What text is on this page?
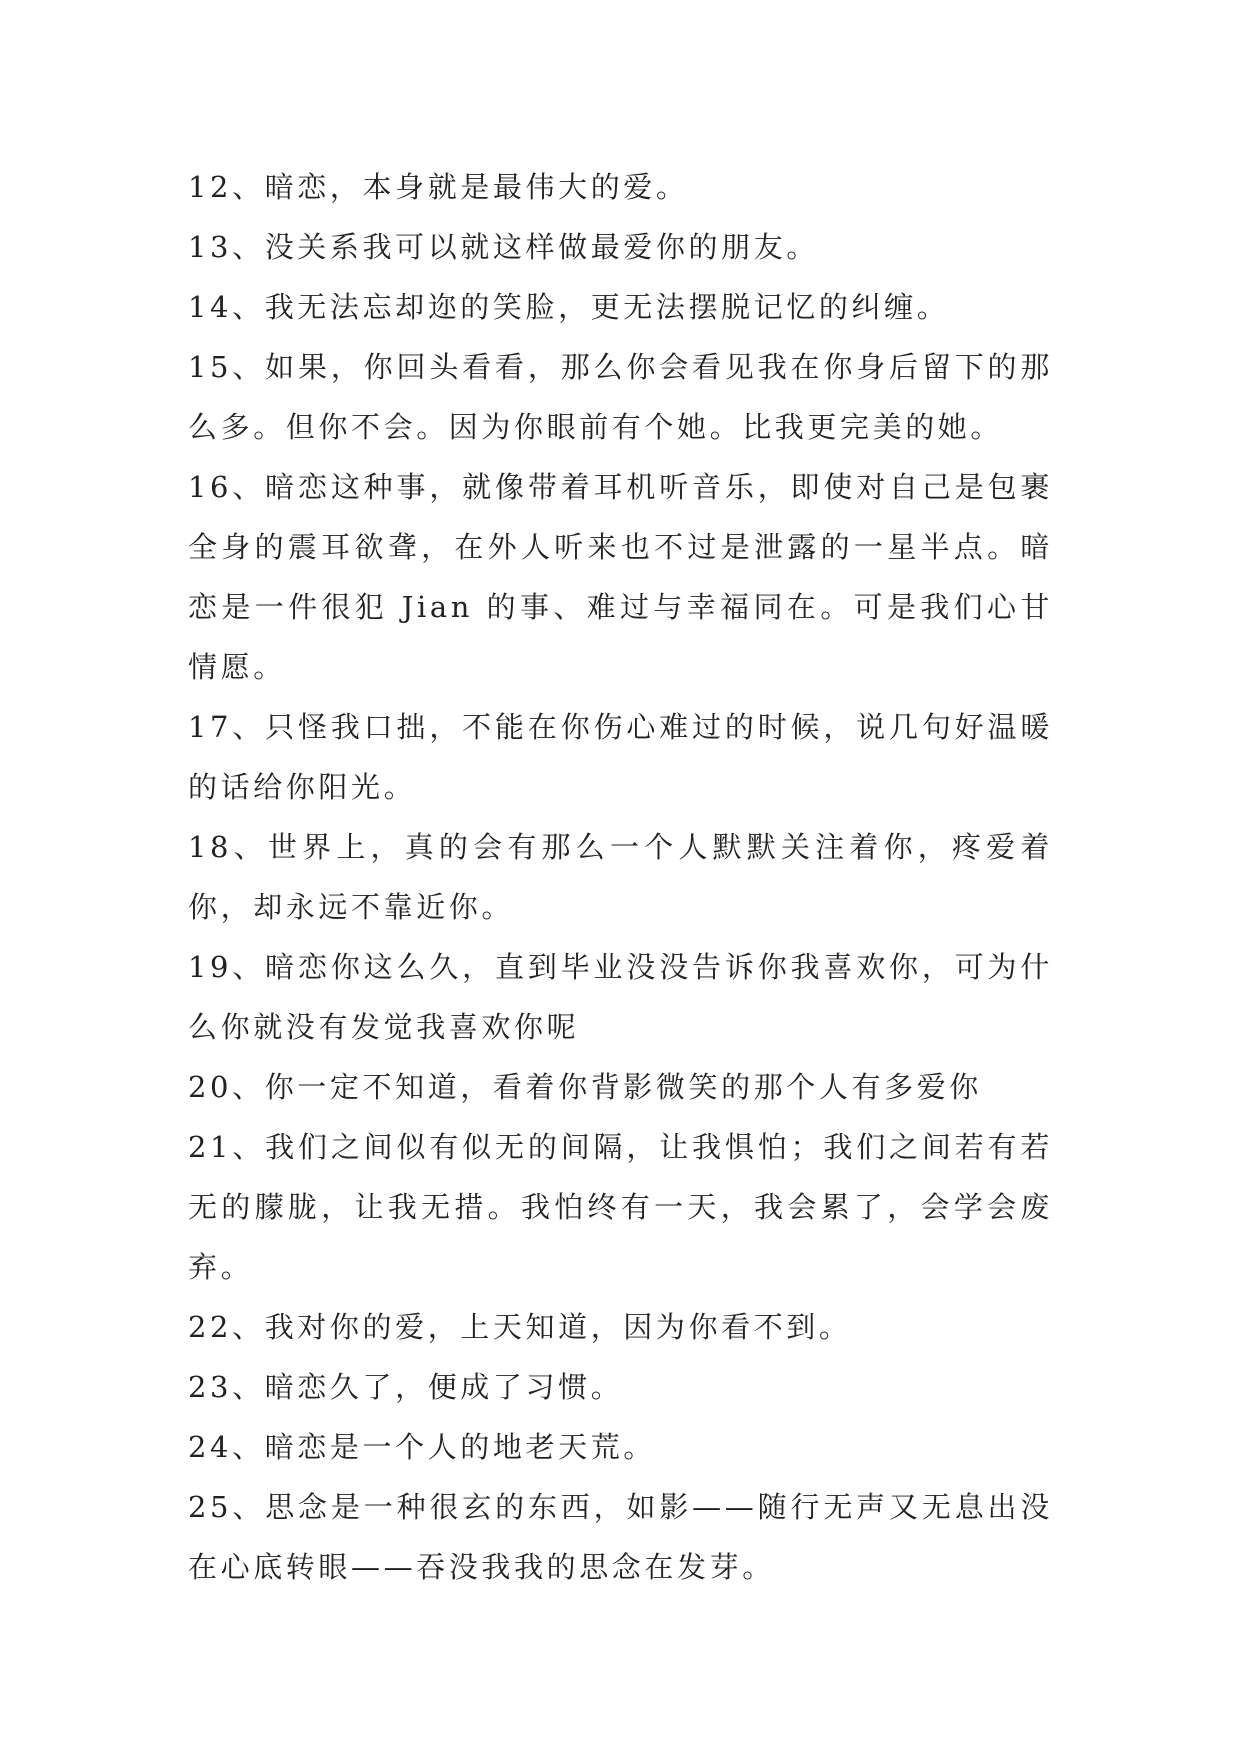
12、暗恋，本身就是最伟大的爱。

13、没关系我可以就这样做最爱你的朋友。

14、我无法忘却迩的笑脸，更无法摆脱记忆的纠缠。

15、如果，你回头看看，那么你会看见我在你身后留下的那么多。但你不会。因为你眼前有个她。比我更完美的她。

16、暗恋这种事，就像带着耳机听音乐，即使对自己是包裹全身的震耳欲聋，在外人听来也不过是泄露的一星半点。暗恋是一件很犯 Jian 的事、难过与幸福同在。可是我们心甘情愿。

17、只怪我口拙，不能在你伤心难过的时候，说几句好温暖的话给你阳光。

18、世界上，真的会有那么一个人默默关注着你，疼爱着你，却永远不靠近你。

19、暗恋你这么久，直到毕业没没告诉你我喜欢你，可为什么你就没有发觉我喜欢你呢

20、你一定不知道，看着你背影微笑的那个人有多爱你

21、我们之间似有似无的间隔，让我惧怕；我们之间若有若无的朦胧，让我无措。我怕终有一天，我会累了，会学会废弃。

22、我对你的爱，上天知道，因为你看不到。

23、暗恋久了，便成了习惯。

24、暗恋是一个人的地老天荒。

25、思念是一种很玄的东西，如影——随行无声又无息出没在心底转眼——吞没我我的思念在发芽。
